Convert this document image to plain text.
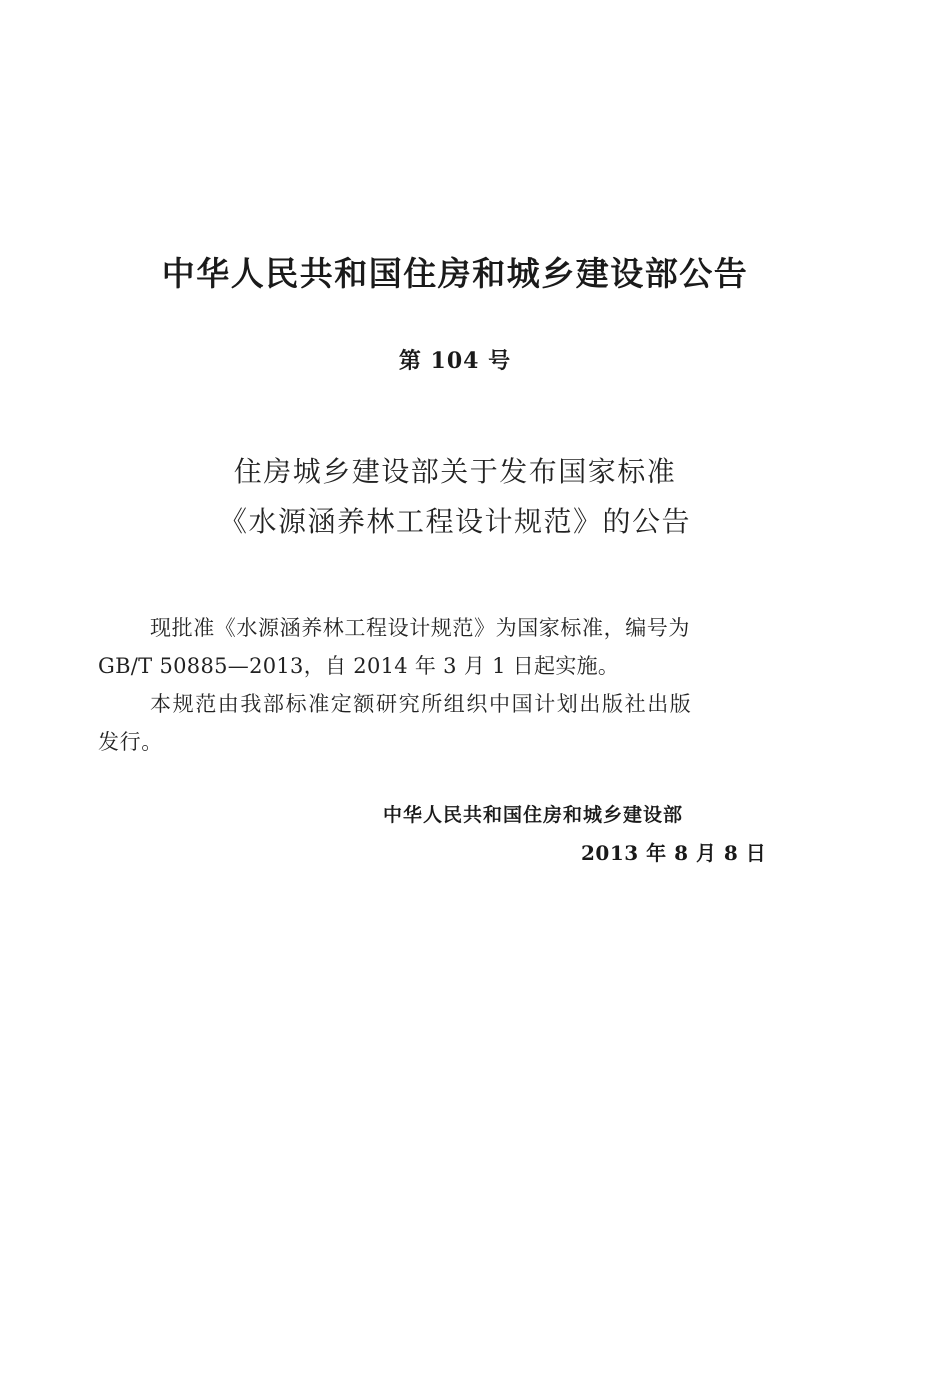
中华人民共和国住房和城乡建设部公告
第 104 号
住房城乡建设部关于发布国家标准
《水源涵养林工程设计规范》的公告
现批准《水源涵养林工程设计规范》为国家标准，编号为
GB/T 50885—2013，自 2014 年 3 月 1 日起实施。
本规范由我部标准定额研究所组织中国计划出版社出版
发行。
中华人民共和国住房和城乡建设部
2013 年 8 月 8 日
